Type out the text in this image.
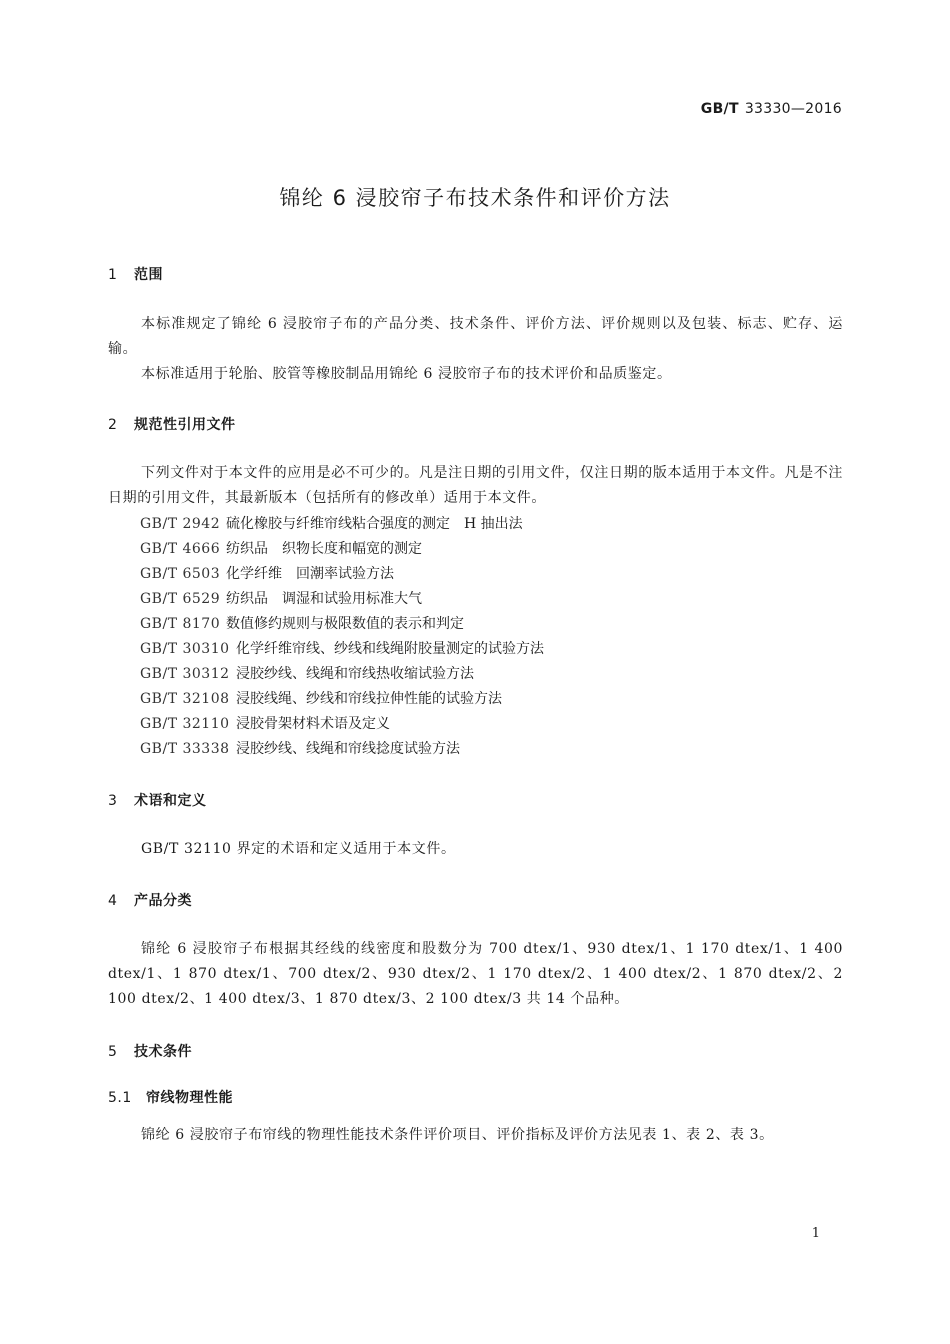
GB/T 33330—2016
锦纶 6 浸胶帘子布技术条件和评价方法
1 范围
本标准规定了锦纶 6 浸胶帘子布的产品分类、技术条件、评价方法、评价规则以及包装、标志、贮存、运输。
本标准适用于轮胎、胶管等橡胶制品用锦纶 6 浸胶帘子布的技术评价和品质鉴定。
2 规范性引用文件
下列文件对于本文件的应用是必不可少的。凡是注日期的引用文件，仅注日期的版本适用于本文件。凡是不注日期的引用文件，其最新版本（包括所有的修改单）适用于本文件。
GB/T 2942 硫化橡胶与纤维帘线粘合强度的测定　H 抽出法
GB/T 4666 纺织品　织物长度和幅宽的测定
GB/T 6503 化学纤维　回潮率试验方法
GB/T 6529 纺织品　调湿和试验用标准大气
GB/T 8170 数值修约规则与极限数值的表示和判定
GB/T 30310 化学纤维帘线、纱线和线绳附胶量测定的试验方法
GB/T 30312 浸胶纱线、线绳和帘线热收缩试验方法
GB/T 32108 浸胶线绳、纱线和帘线拉伸性能的试验方法
GB/T 32110 浸胶骨架材料术语及定义
GB/T 33338 浸胶纱线、线绳和帘线捻度试验方法
3 术语和定义
GB/T 32110 界定的术语和定义适用于本文件。
4 产品分类
锦纶 6 浸胶帘子布根据其经线的线密度和股数分为 700 dtex/1、930 dtex/1、1 170 dtex/1、1 400 dtex/1、1 870 dtex/1、700 dtex/2、930 dtex/2、1 170 dtex/2、1 400 dtex/2、1 870 dtex/2、2 100 dtex/2、1 400 dtex/3、1 870 dtex/3、2 100 dtex/3 共 14 个品种。
5 技术条件
5.1 帘线物理性能
锦纶 6 浸胶帘子布帘线的物理性能技术条件评价项目、评价指标及评价方法见表 1、表 2、表 3。
1
